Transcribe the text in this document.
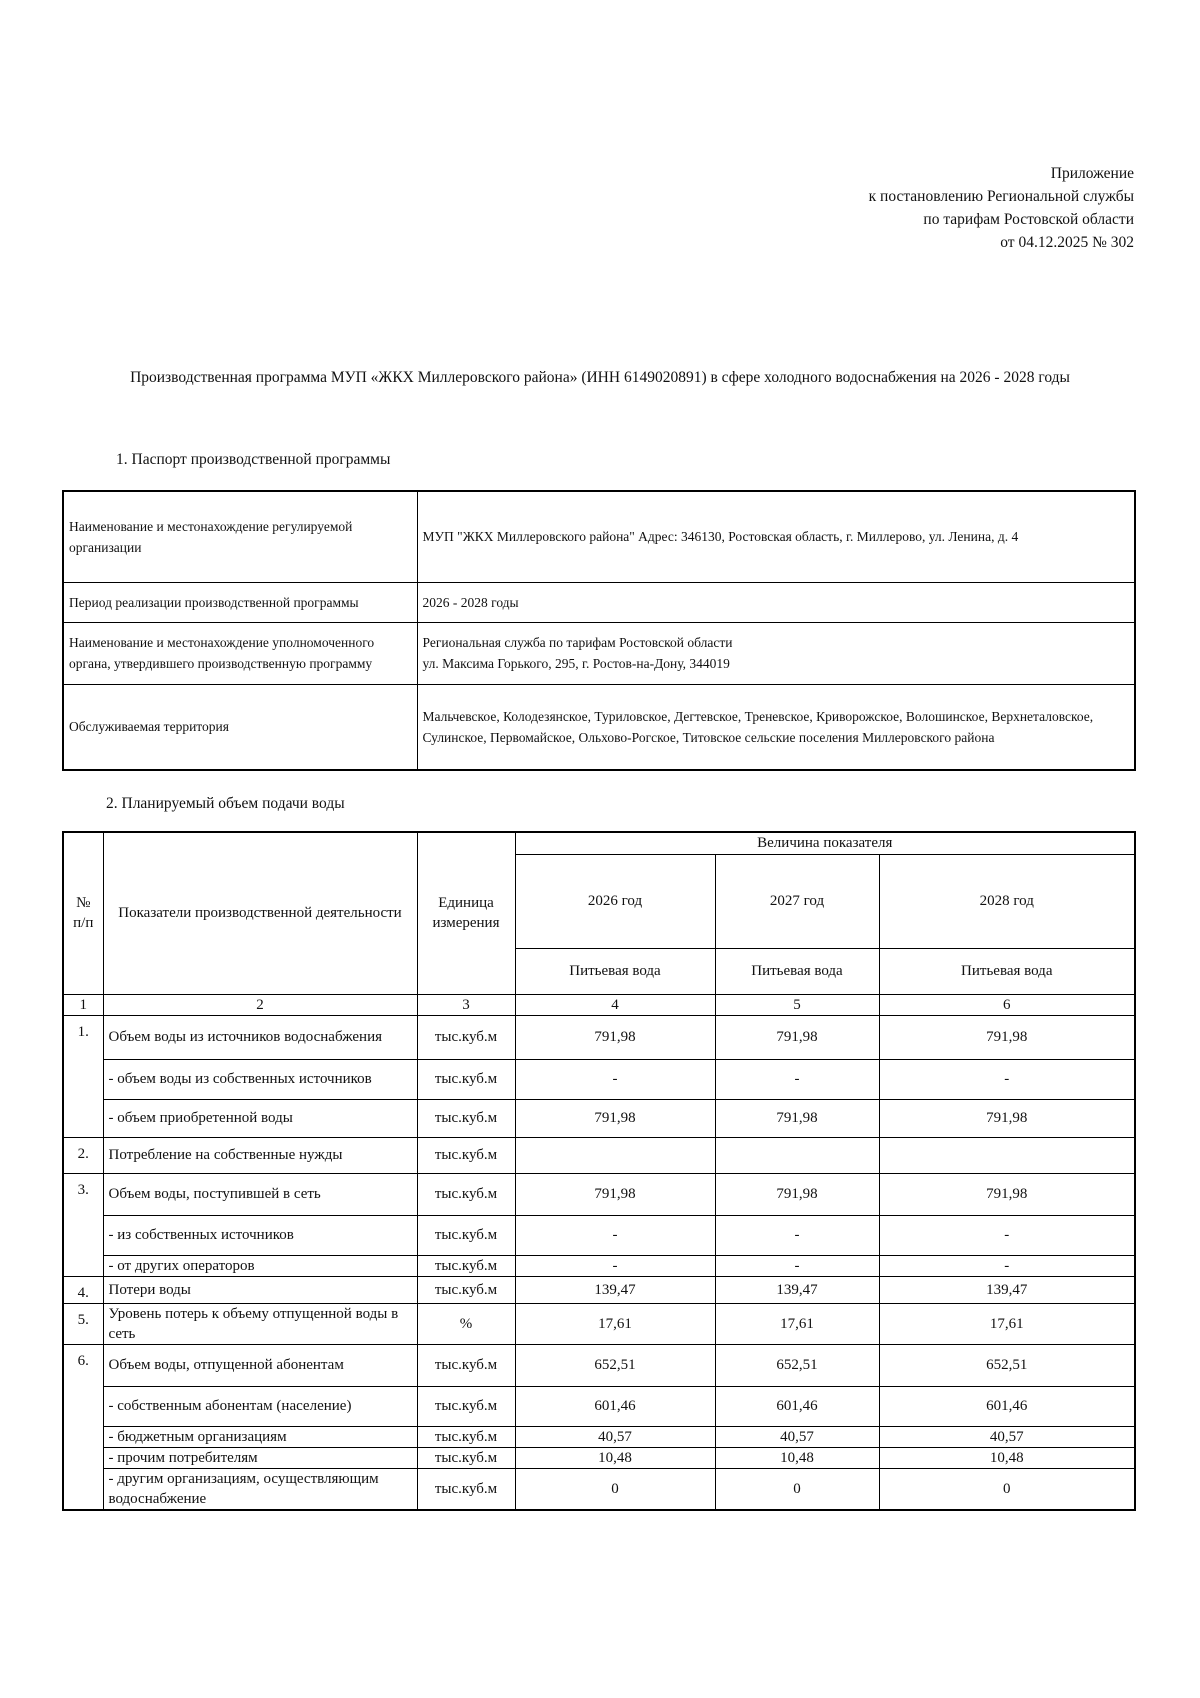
Приложение
к постановлению Региональной службы
по тарифам Ростовской области
от 04.12.2025 № 302
Производственная программа МУП «ЖКХ Миллеровского района» (ИНН 6149020891) в сфере холодного водоснабжения на 2026 - 2028 годы
1. Паспорт производственной программы
Наименование и местонахождение регулируемой организации	МУП "ЖКХ Миллеровского района" Адрес: 346130, Ростовская область, г. Миллерово, ул. Ленина, д. 4
Период реализации производственной программы	2026 - 2028 годы
Наименование и местонахождение уполномоченного органа, утвердившего производственную программу	Региональная служба по тарифам Ростовской области
ул. Максима Горького, 295, г. Ростов-на-Дону, 344019

Обслуживаемая территория	Мальчевское, Колодезянское, Туриловское, Дегтевское, Треневское, Криворожское, Волошинское, Верхнеталовское, Сулинское, Первомайское, Ольхово-Рогское, Титовское сельские поселения Миллеровского района
2. Планируемый объем подачи воды
№ п/п	Показатели производственной деятельности	Единица измерения	Величина показателя		
			2026 год	2027 год	2028 год
			Питьевая вода	Питьевая вода	Питьевая вода
1	2	3	4	5	6
1.	Объем воды из источников водоснабжения	тыс.куб.м	791,98	791,98	791,98
	- объем воды из собственных источников	тыс.куб.м	-	-	-
	- объем приобретенной воды	тыс.куб.м	791,98	791,98	791,98
2.	Потребление на собственные нужды	тыс.куб.м			
3.	Объем воды, поступившей в сеть	тыс.куб.м	791,98	791,98	791,98
	- из собственных источников	тыс.куб.м	-	-	-
	- от других операторов	тыс.куб.м	-	-	-
4.	Потери воды	тыс.куб.м	139,47	139,47	139,47
5.	Уровень потерь к объему отпущенной воды в сеть	%	17,61	17,61	17,61
6.	Объем воды, отпущенной абонентам	тыс.куб.м	652,51	652,51	652,51
	- собственным абонентам (население)	тыс.куб.м	601,46	601,46	601,46
	- бюджетным организациям	тыс.куб.м	40,57	40,57	40,57
	- прочим потребителям	тыс.куб.м	10,48	10,48	10,48
	- другим организациям, осуществляющим водоснабжение	тыс.куб.м	0	0	0
